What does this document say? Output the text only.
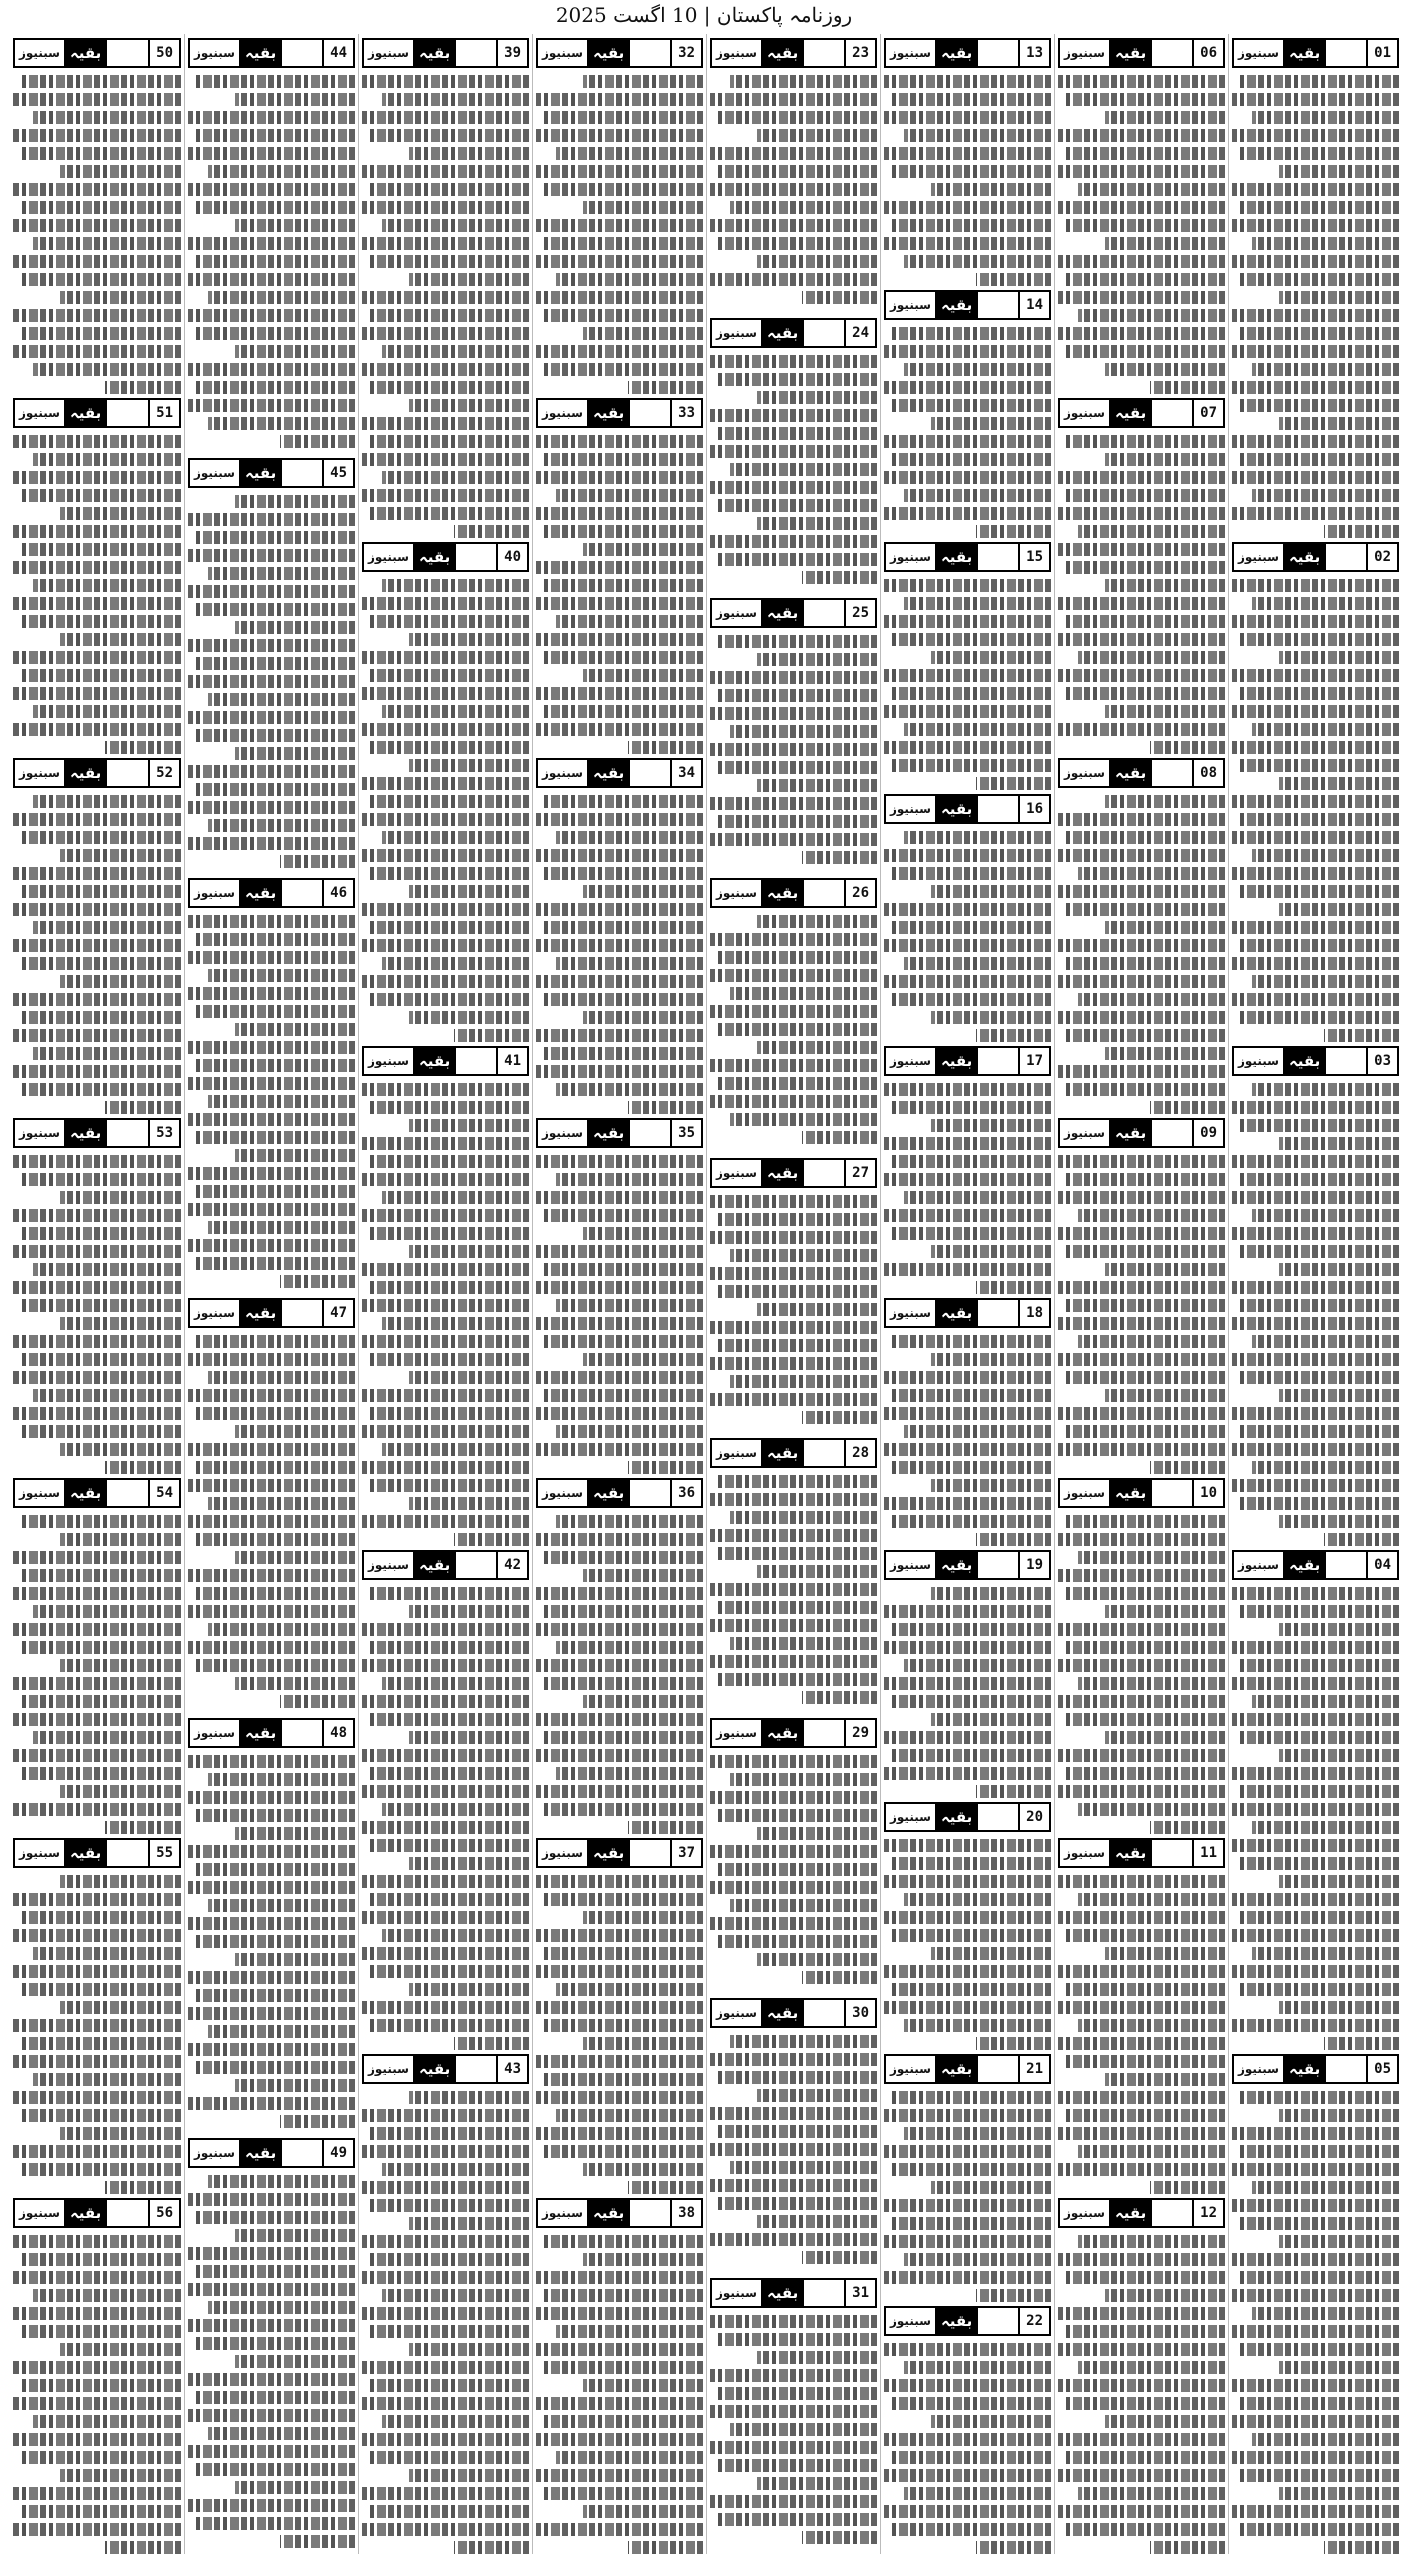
روزنامہ پاکستان | 10 اگست 2025
01
سبنیوز بقیہ
02
سبنیوز بقیہ
03
سبنیوز بقیہ
04
سبنیوز بقیہ
05
سبنیوز بقیہ
06
سبنیوز بقیہ
07
سبنیوز بقیہ
08
سبنیوز بقیہ
09
سبنیوز بقیہ
10
سبنیوز بقیہ
11
سبنیوز بقیہ
12
سبنیوز بقیہ
13
سبنیوز بقیہ
14
سبنیوز بقیہ
15
سبنیوز بقیہ
16
سبنیوز بقیہ
17
سبنیوز بقیہ
18
سبنیوز بقیہ
19
سبنیوز بقیہ
20
سبنیوز بقیہ
21
سبنیوز بقیہ
22
سبنیوز بقیہ
23
سبنیوز بقیہ
24
سبنیوز بقیہ
25
سبنیوز بقیہ
26
سبنیوز بقیہ
27
سبنیوز بقیہ
28
سبنیوز بقیہ
29
سبنیوز بقیہ
30
سبنیوز بقیہ
31
سبنیوز بقیہ
32
سبنیوز بقیہ
33
سبنیوز بقیہ
34
سبنیوز بقیہ
35
سبنیوز بقیہ
36
سبنیوز بقیہ
37
سبنیوز بقیہ
38
سبنیوز بقیہ
39
سبنیوز بقیہ
40
سبنیوز بقیہ
41
سبنیوز بقیہ
42
سبنیوز بقیہ
43
سبنیوز بقیہ
44
سبنیوز بقیہ
45
سبنیوز بقیہ
46
سبنیوز بقیہ
47
سبنیوز بقیہ
48
سبنیوز بقیہ
49
سبنیوز بقیہ
50
سبنیوز بقیہ
51
سبنیوز بقیہ
52
سبنیوز بقیہ
53
سبنیوز بقیہ
54
سبنیوز بقیہ
55
سبنیوز بقیہ
56
سبنیوز بقیہ
